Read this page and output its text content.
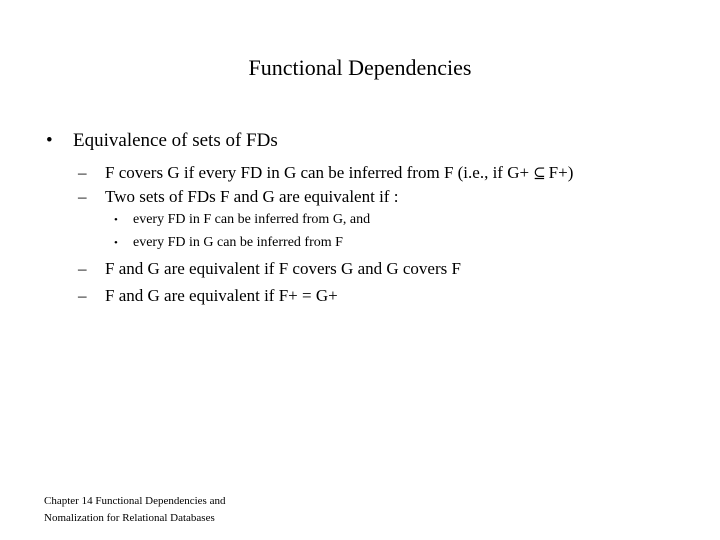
Functional Dependencies
• Equivalence of sets of FDs
– F covers G if every FD in G can be inferred from F (i.e., if G+ ⊆ F+)
– Two sets of FDs F and G are equivalent if :
• every FD in F can be inferred from G, and
• every FD in G can be inferred from F
– F and G are equivalent if F covers G and G covers F
– F and G are equivalent if F+ = G+
Chapter 14 Functional Dependencies and
Nomalization for Relational Databases
